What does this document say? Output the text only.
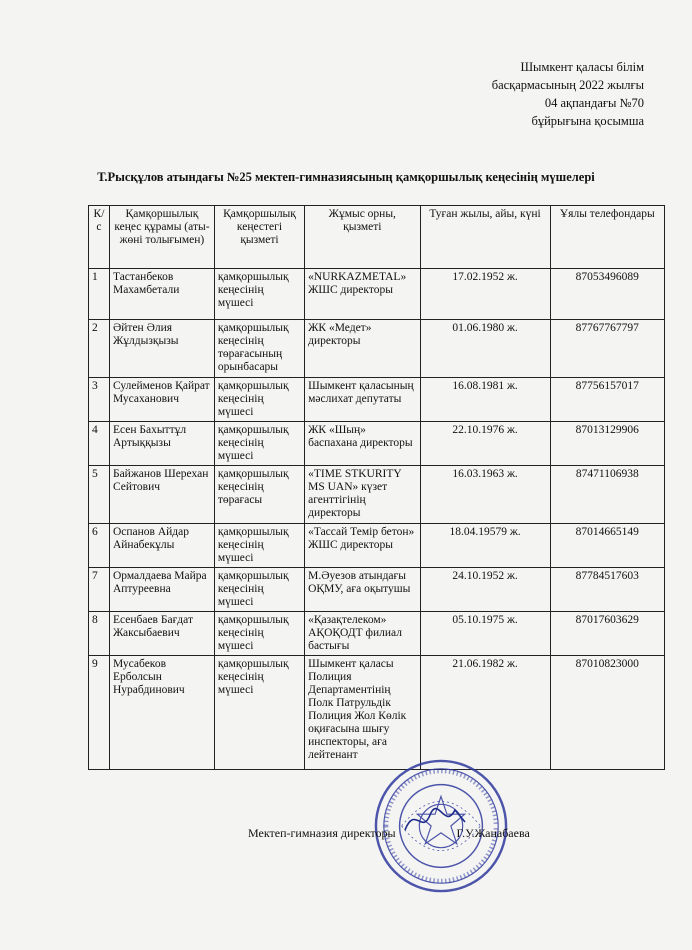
Шымкент қаласы білім
басқармасының 2022 жылғы
04 ақпандағы №70
бұйрығына қосымша
Т.Рысқұлов атындағы №25 мектеп-гимназиясының қамқоршылық кеңесінің мүшелері
К/с	Қамқоршылық кеңес құрамы (аты-жөні толығымен)	Қамқоршылық кеңестегі қызметі	Жұмыс орны, қызметі	Туған жылы, айы, күні	Ұялы телефондары
1	Тастанбеков Махамбетали	қамқоршылық кеңесінің мүшесі	«NURKAZMETAL» ЖШС директоры	17.02.1952 ж.	87053496089
2	Әйтен Әлия Жұлдызқызы	қамқоршылық кеңесінің төрағасының орынбасары	ЖК «Медет» директоры	01.06.1980 ж.	87767767797
3	Сулейменов Қайрат Мусаханович	қамқоршылық кеңесінің мүшесі	Шымкент қаласының мәслихат депутаты	16.08.1981 ж.	87756157017
4	Есен Бахыттұл Артыққызы	қамқоршылық кеңесінің мүшесі	ЖК «Шың» баспахана директоры	22.10.1976 ж.	87013129906
5	Байжанов Шерехан Сейтович	қамқоршылық кеңесінің төрағасы	«TIME STKURITY MS UAN» күзет агенттігінің директоры	16.03.1963 ж.	87471106938
6	Оспанов Айдар Айнабекұлы	қамқоршылық кеңесінің мүшесі	«Тассай Темір бетон» ЖШС директоры	18.04.19579 ж.	87014665149
7	Ормалдаева Майра Аптуреевна	қамқоршылық кеңесінің мүшесі	М.Әуезов атындағы ОҚМУ, аға оқытушы	24.10.1952 ж.	87784517603
8	Есенбаев Бағдат Жаксыбаевич	қамқоршылық кеңесінің мүшесі	«Қазақтелеком» АҚОҚОДТ филиал бастығы	05.10.1975 ж.	87017603629
9	Мусабеков Ерболсын Нурабдинович	қамқоршылық кеңесінің мүшесі	Шымкент қаласы Полиция Департаментінің Полк Патрульдік Полиция Жол Көлік оқиғасына шығу инспекторы, аға лейтенант	21.06.1982 ж.	87010823000
Мектеп-гимназия директоры	Г.У.Жанабаева
